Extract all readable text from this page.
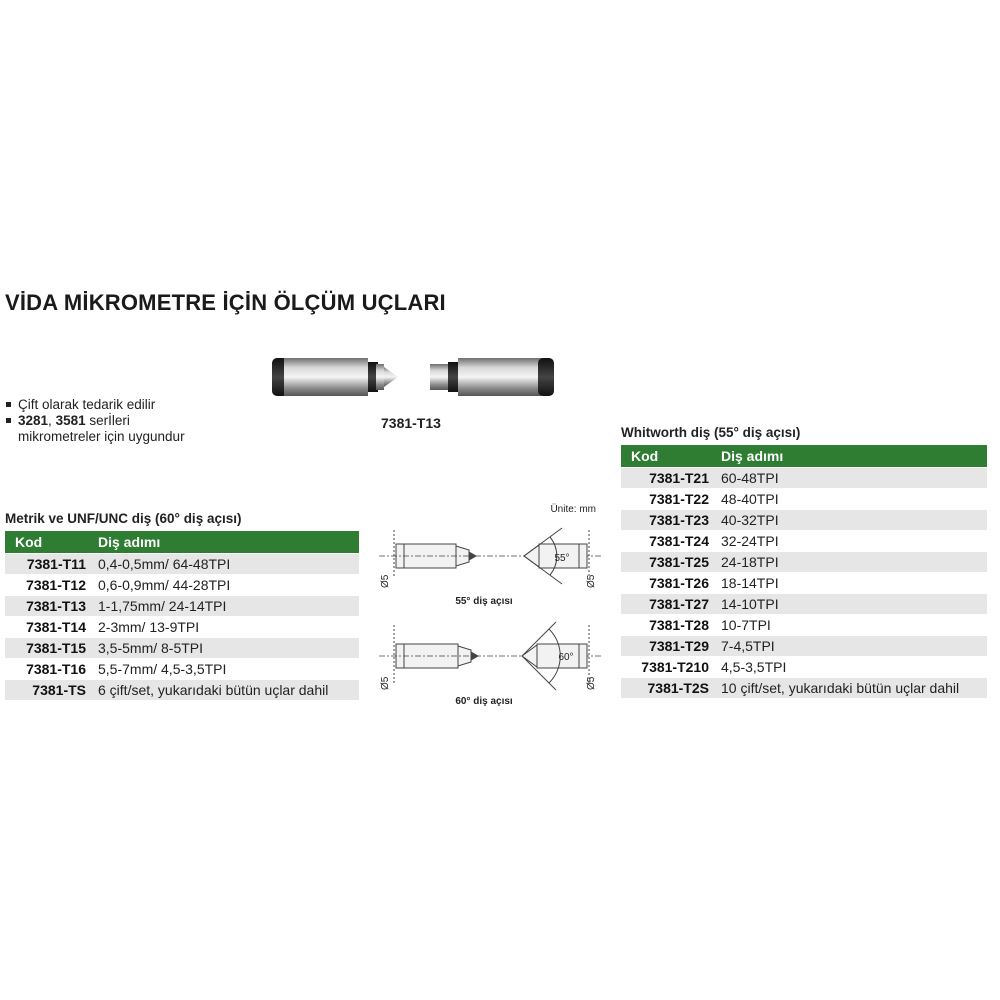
VİDA MİKROMETRE İÇİN ÖLÇÜM UÇLARI
Çift olarak tedarik edilir
3281, 3581 serİleri
mikrometreler için uygundur
7381-T13
Ünite: mm
55°
Ø5	Ø5
55° diş açısı
60°
Ø5	Ø5
60° diş açısı
Metrik ve UNF/UNC diş (60° diş açısı)
Kod	Diş adımı
7381-T11	0,4-0,5mm/ 64-48TPI
7381-T12	0,6-0,9mm/ 44-28TPI
7381-T13	1-1,75mm/ 24-14TPI
7381-T14	2-3mm/ 13-9TPI
7381-T15	3,5-5mm/ 8-5TPI
7381-T16	5,5-7mm/ 4,5-3,5TPI
7381-TS	6 çift/set, yukarıdaki bütün uçlar dahil
Whitworth diş (55° diş açısı)
Kod	Diş adımı
7381-T21	60-48TPI
7381-T22	48-40TPI
7381-T23	40-32TPI
7381-T24	32-24TPI
7381-T25	24-18TPI
7381-T26	18-14TPI
7381-T27	14-10TPI
7381-T28	10-7TPI
7381-T29	7-4,5TPI
7381-T210	4,5-3,5TPI
7381-T2S	10 çift/set, yukarıdaki bütün uçlar dahil
